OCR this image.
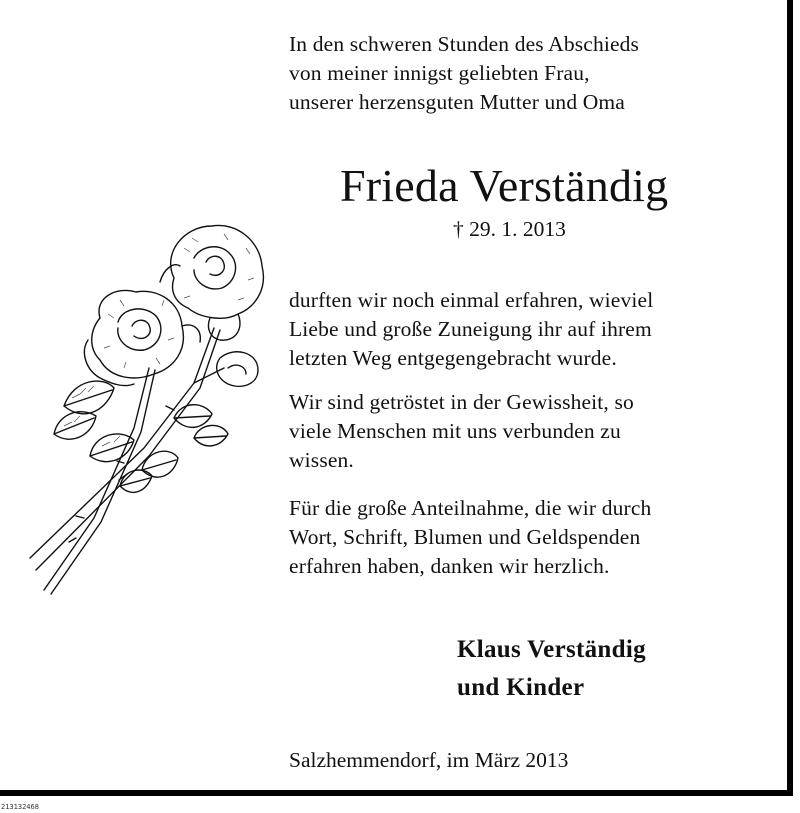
In den schweren Stunden des Abschieds
von meiner innigst geliebten Frau,
unserer herzensguten Mutter und Oma
Frieda Verständig
† 29. 1. 2013
durften wir noch einmal erfahren, wieviel
Liebe und große Zuneigung ihr auf ihrem
letzten Weg entgegengebracht wurde.
Wir sind getröstet in der Gewissheit, so
viele Menschen mit uns verbunden zu
wissen.
Für die große Anteilnahme, die wir durch
Wort, Schrift, Blumen und Geldspenden
erfahren haben, danken wir herzlich.
Klaus Verständig
und Kinder
Salzhemmendorf, im März 2013
213132468
